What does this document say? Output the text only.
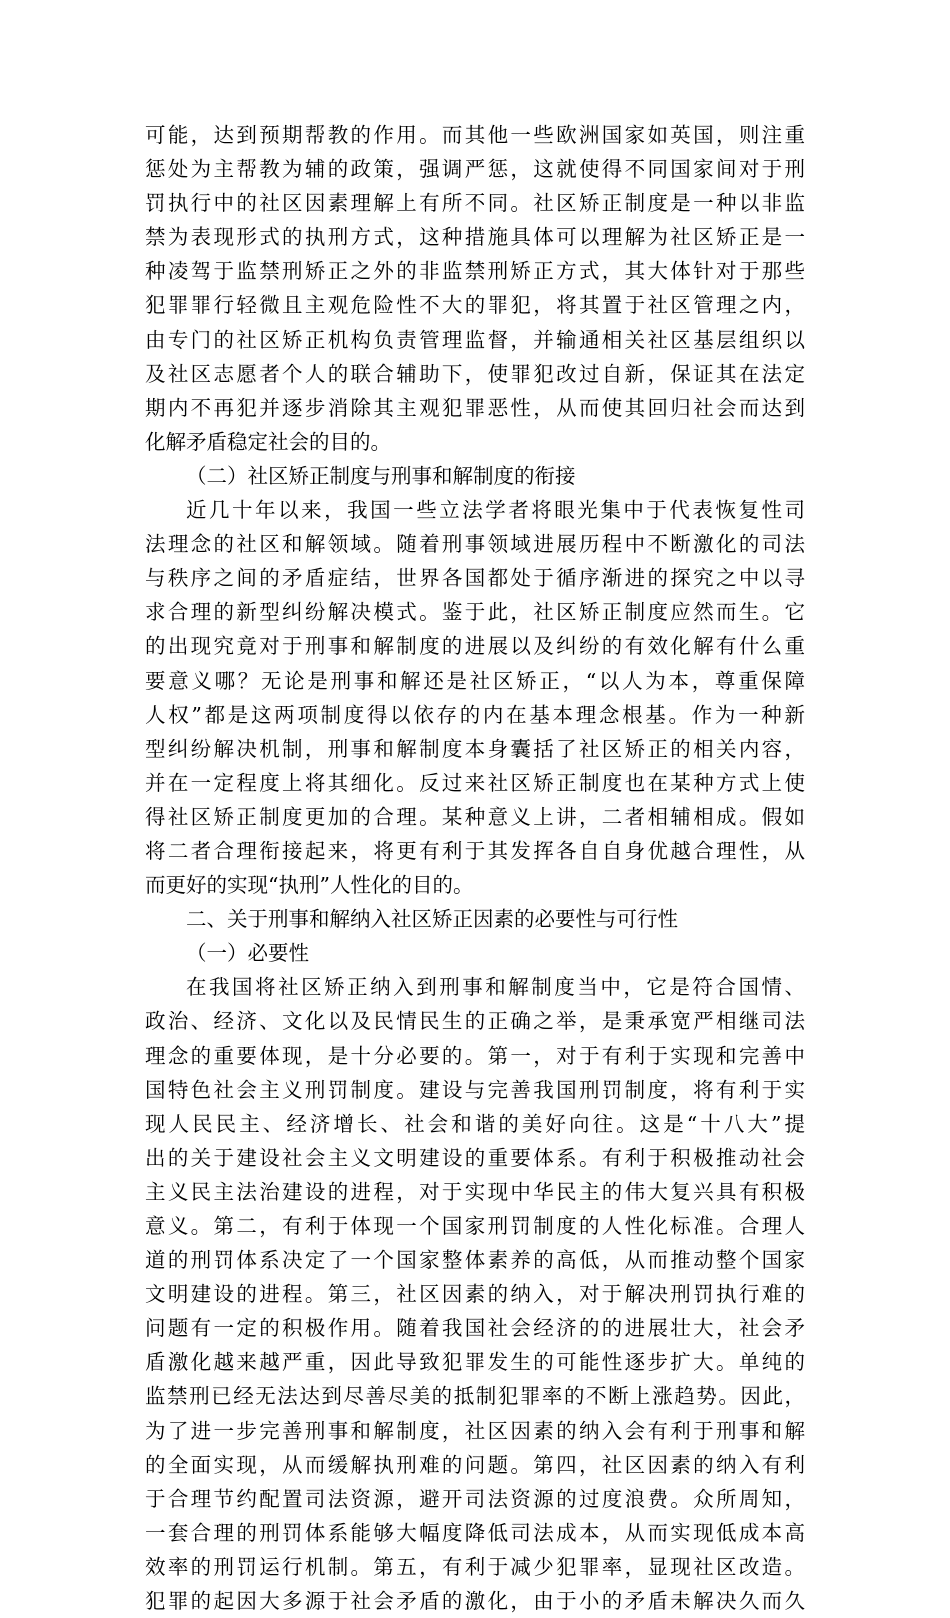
可能，达到预期帮教的作用。而其他一些欧洲国家如英国，则注重
惩处为主帮教为辅的政策，强调严惩，这就使得不同国家间对于刑
罚执行中的社区因素理解上有所不同。社区矫正制度是一种以非监
禁为表现形式的执刑方式，这种措施具体可以理解为社区矫正是一
种凌驾于监禁刑矫正之外的非监禁刑矫正方式，其大体针对于那些
犯罪罪行轻微且主观危险性不大的罪犯，将其置于社区管理之内，
由专门的社区矫正机构负责管理监督，并输通相关社区基层组织以
及社区志愿者个人的联合辅助下，使罪犯改过自新，保证其在法定
期内不再犯并逐步消除其主观犯罪恶性，从而使其回归社会而达到
化解矛盾稳定社会的目的。
（二）社区矫正制度与刑事和解制度的衔接
近几十年以来，我国一些立法学者将眼光集中于代表恢复性司
法理念的社区和解领域。随着刑事领域进展历程中不断激化的司法
与秩序之间的矛盾症结，世界各国都处于循序渐进的探究之中以寻
求合理的新型纠纷解决模式。鉴于此，社区矫正制度应然而生。它
的出现究竟对于刑事和解制度的进展以及纠纷的有效化解有什么重
要意义哪？无论是刑事和解还是社区矫正，“以人为本，尊重保障
人权”都是这两项制度得以依存的内在基本理念根基。作为一种新
型纠纷解决机制，刑事和解制度本身囊括了社区矫正的相关内容，
并在一定程度上将其细化。反过来社区矫正制度也在某种方式上使
得社区矫正制度更加的合理。某种意义上讲，二者相辅相成。假如
将二者合理衔接起来，将更有利于其发挥各自自身优越合理性，从
而更好的实现“执刑”人性化的目的。
二、关于刑事和解纳入社区矫正因素的必要性与可行性
（一）必要性
在我国将社区矫正纳入到刑事和解制度当中，它是符合国情、
政治、经济、文化以及民情民生的正确之举，是秉承宽严相继司法
理念的重要体现，是十分必要的。第一，对于有利于实现和完善中
国特色社会主义刑罚制度。建设与完善我国刑罚制度，将有利于实
现人民民主、经济增长、社会和谐的美好向往。这是“十八大”提
出的关于建设社会主义文明建设的重要体系。有利于积极推动社会
主义民主法治建设的进程，对于实现中华民主的伟大复兴具有积极
意义。第二，有利于体现一个国家刑罚制度的人性化标准。合理人
道的刑罚体系决定了一个国家整体素养的高低，从而推动整个国家
文明建设的进程。第三，社区因素的纳入，对于解决刑罚执行难的
问题有一定的积极作用。随着我国社会经济的的进展壮大，社会矛
盾激化越来越严重，因此导致犯罪发生的可能性逐步扩大。单纯的
监禁刑已经无法达到尽善尽美的抵制犯罪率的不断上涨趋势。因此，
为了进一步完善刑事和解制度，社区因素的纳入会有利于刑事和解
的全面实现，从而缓解执刑难的问题。第四，社区因素的纳入有利
于合理节约配置司法资源，避开司法资源的过度浪费。众所周知，
一套合理的刑罚体系能够大幅度降低司法成本，从而实现低成本高
效率的刑罚运行机制。第五，有利于减少犯罪率，显现社区改造。
犯罪的起因大多源于社会矛盾的激化，由于小的矛盾未解决久而久
